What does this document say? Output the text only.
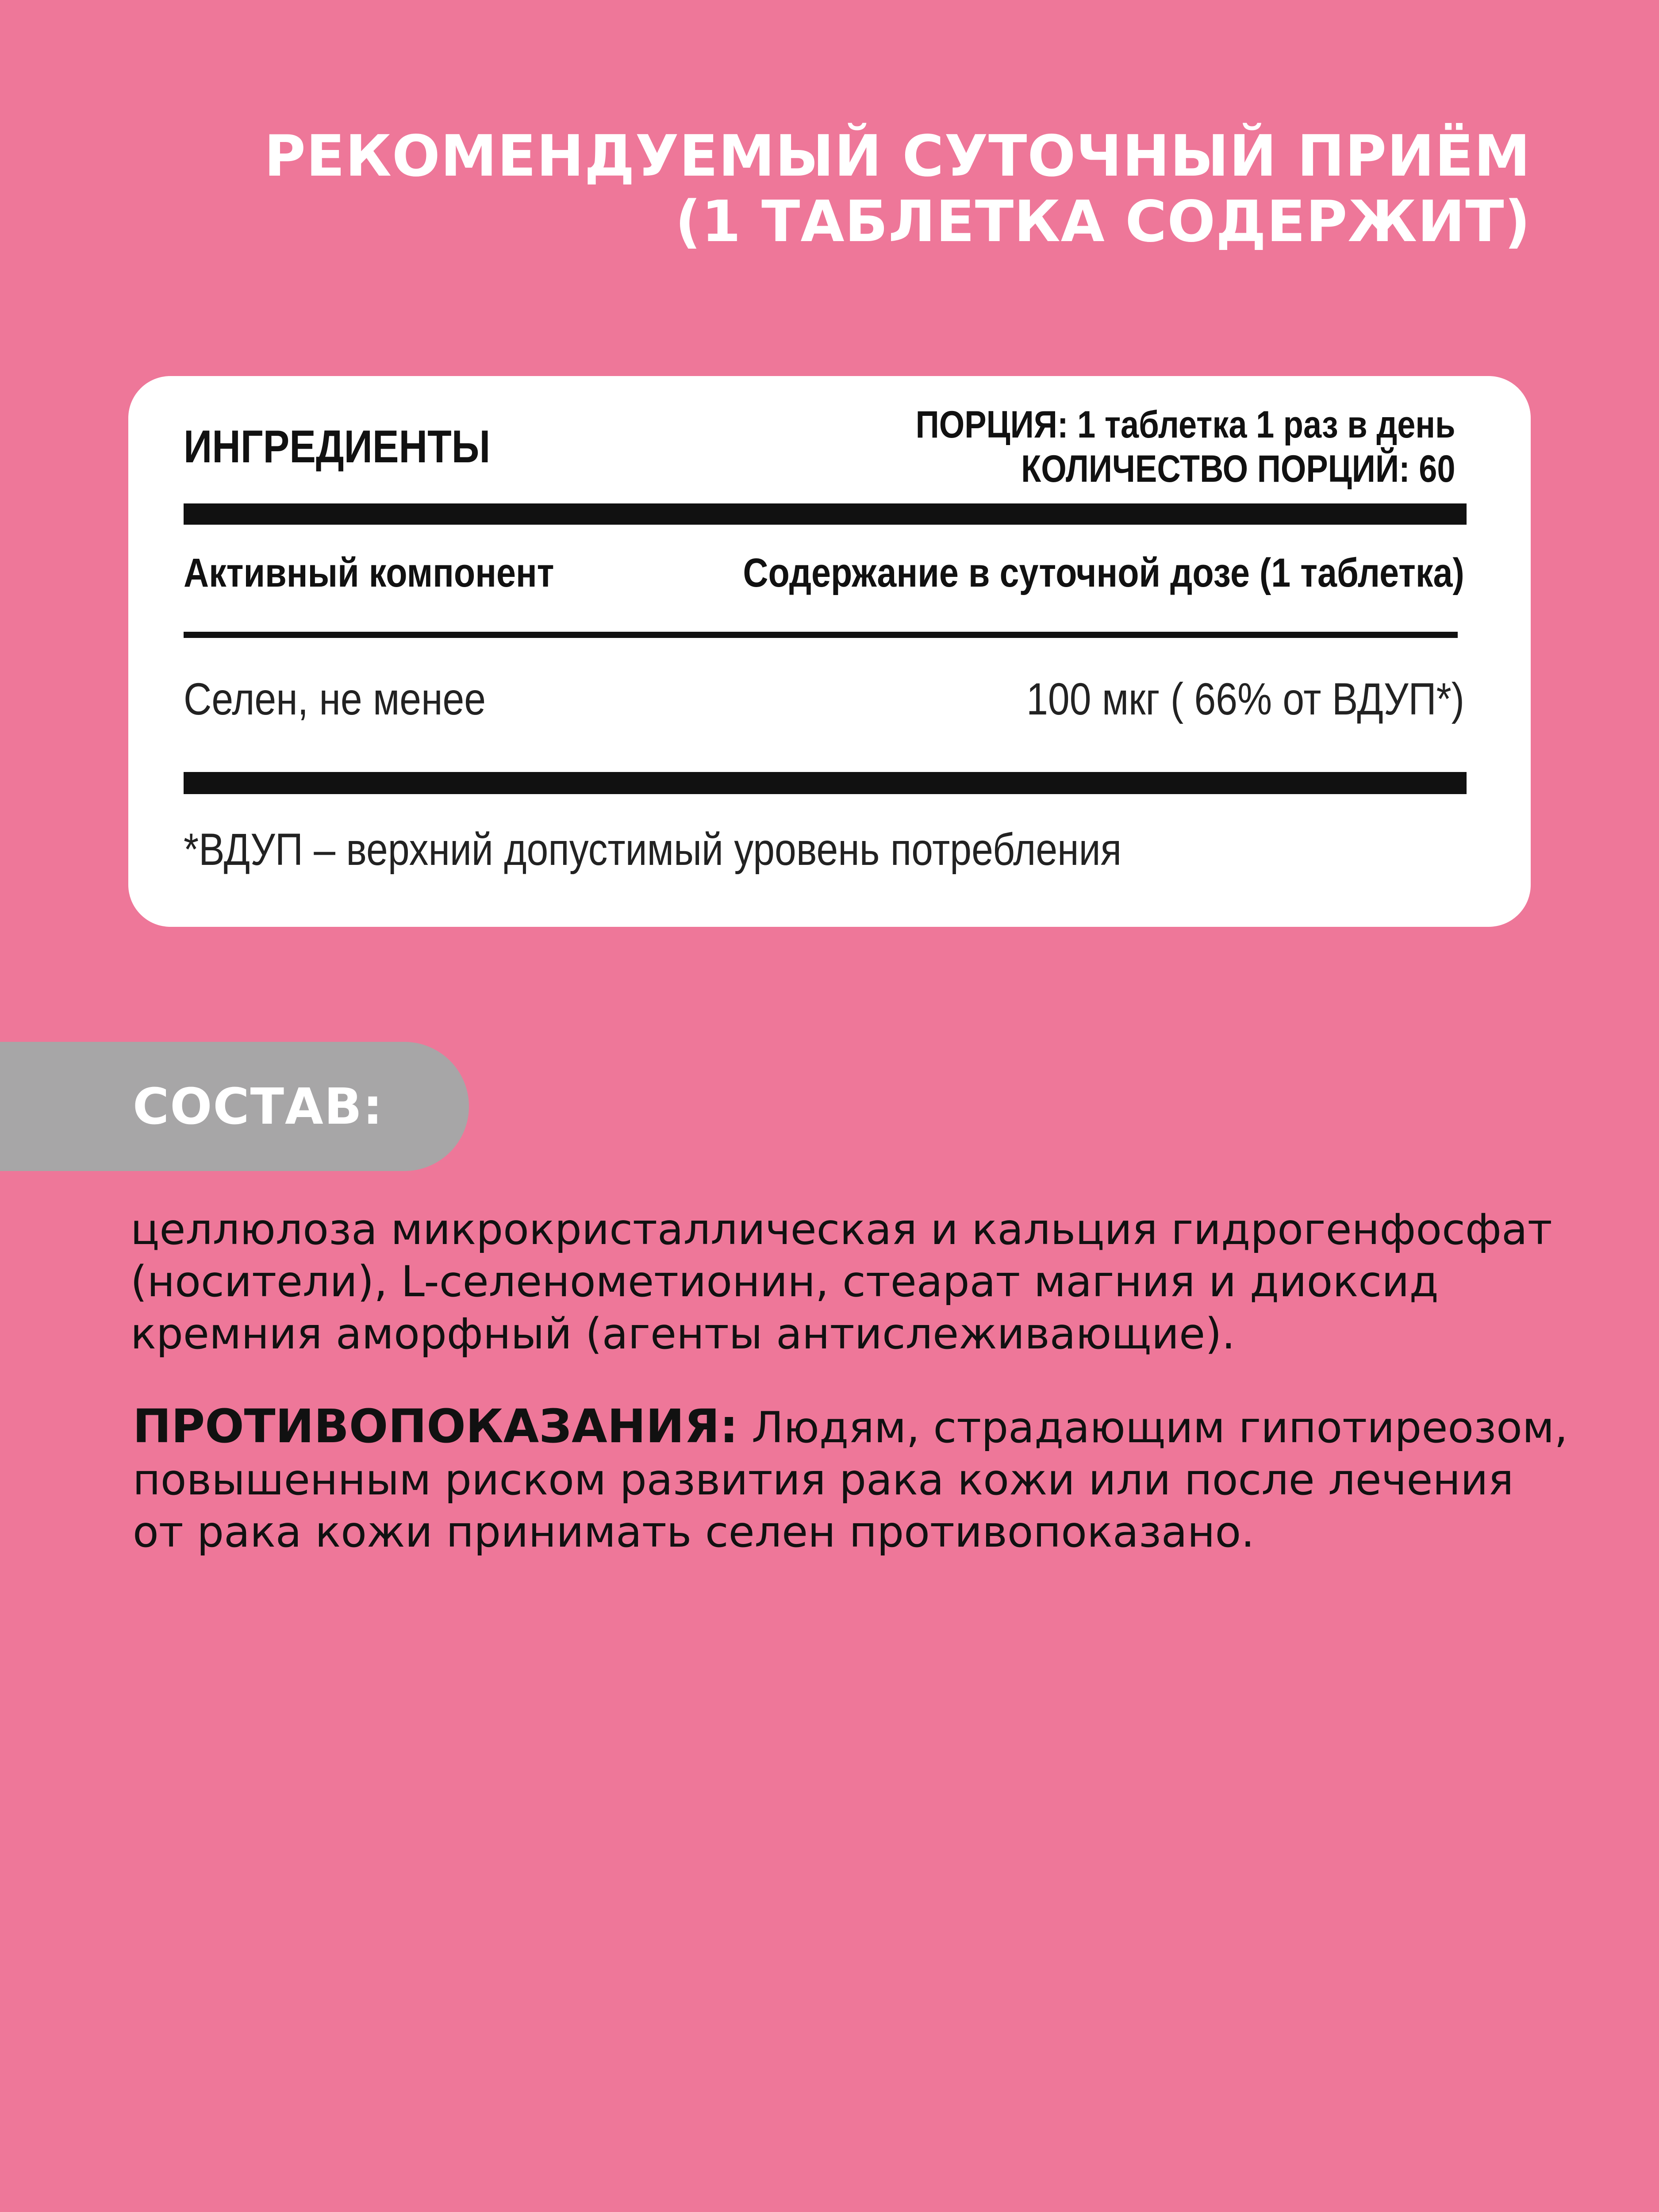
РЕКОМЕНДУЕМЫЙ СУТОЧНЫЙ ПРИЁМ
(1 ТАБЛЕТКА СОДЕРЖИТ)
ИНГРЕДИЕНТЫ	ПОРЦИЯ: 1 таблетка 1 раз в день
КОЛИЧЕСТВО ПОРЦИЙ: 60
Активный компонент	Содержание в суточной дозе (1 таблетка)
Селен, не менее	100 мкг ( 66% от ВДУП*)
*ВДУП – верхний допустимый уровень потребления
СОСТАВ:
целлюлоза микрокристаллическая и кальция гидрогенфосфат
(носители), L-селенометионин, стеарат магния и диоксид
кремния аморфный (агенты антислеживающие).
ПРОТИВОПОКАЗАНИЯ: Людям, страдающим гипотиреозом,
повышенным риском развития рака кожи или после лечения
от рака кожи принимать селен противопоказано.
